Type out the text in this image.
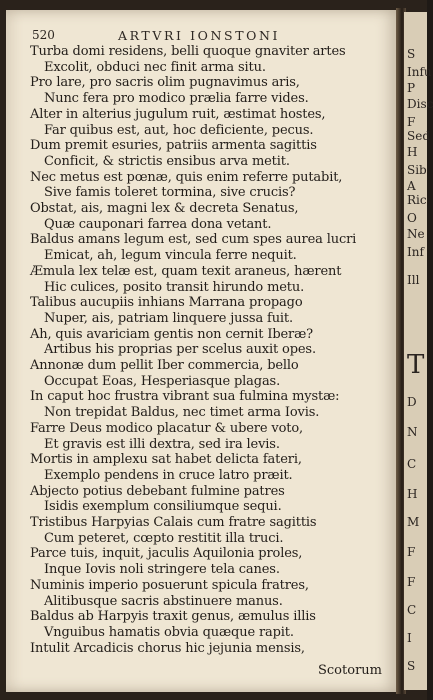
520	ARTVRI IONSTONI
Turba domi residens, belli quoque gnaviter artes
Excolit, obduci nec finit arma situ.
Pro lare, pro sacris olim pugnavimus aris,
Nunc fera pro modico prælia farre vides.
Alter in alterius jugulum ruit, æstimat hostes,
Far quibus est, aut, hoc deficiente, pecus.
Dum premit esuries, patriis armenta sagittis
Conficit, & strictis ensibus arva metit.
Nec metus est pœnæ, quis enim referre putabit,
Sive famis toleret tormina, sive crucis?
Obstat, ais, magni lex & decreta Senatus,
Quæ cauponari farrea dona vetant.
Baldus amans legum est, sed cum spes aurea lucri
Emicat, ah, legum vincula ferre nequit.
Æmula lex telæ est, quam texit araneus, hærent
Hic culices, posito transit hirundo metu.
Talibus aucupiis inhians Marrana propago
Nuper, ais, patriam linquere jussa fuit.
Ah, quis avariciam gentis non cernit Iberæ?
Artibus his proprias per scelus auxit opes.
Annonæ dum pellit Iber commercia, bello
Occupat Eoas, Hesperiasque plagas.
In caput hoc frustra vibrant sua fulmina mystæ:
Non trepidat Baldus, nec timet arma Iovis.
Farre Deus modico placatur & ubere voto,
Et gravis est illi dextra, sed ira levis.
Mortis in amplexu sat habet delicta fateri,
Exemplo pendens in cruce latro præit.
Abjecto potius debebant fulmine patres
Isidis exemplum consiliumque sequi.
Tristibus Harpyias Calais cum fratre sagittis
Cum peteret, cœpto restitit illa truci.
Parce tuis, inquit, jaculis Aquilonia proles,
Inque Iovis noli stringere tela canes.
Numinis imperio posuerunt spicula fratres,
Alitibusque sacris abstinuere manus.
Baldus ab Harpyis traxit genus, æmulus illis
Vnguibus hamatis obvia quæque rapit.
Intulit Arcadicis chorus hic jejunia mensis,
Scotorum
S
Infu
P
Disc
F
Sed
H
Sib
A
Ric
O
Ne
Inf
Ill
T
D
N
C
H
M
F
F
C
I
S
